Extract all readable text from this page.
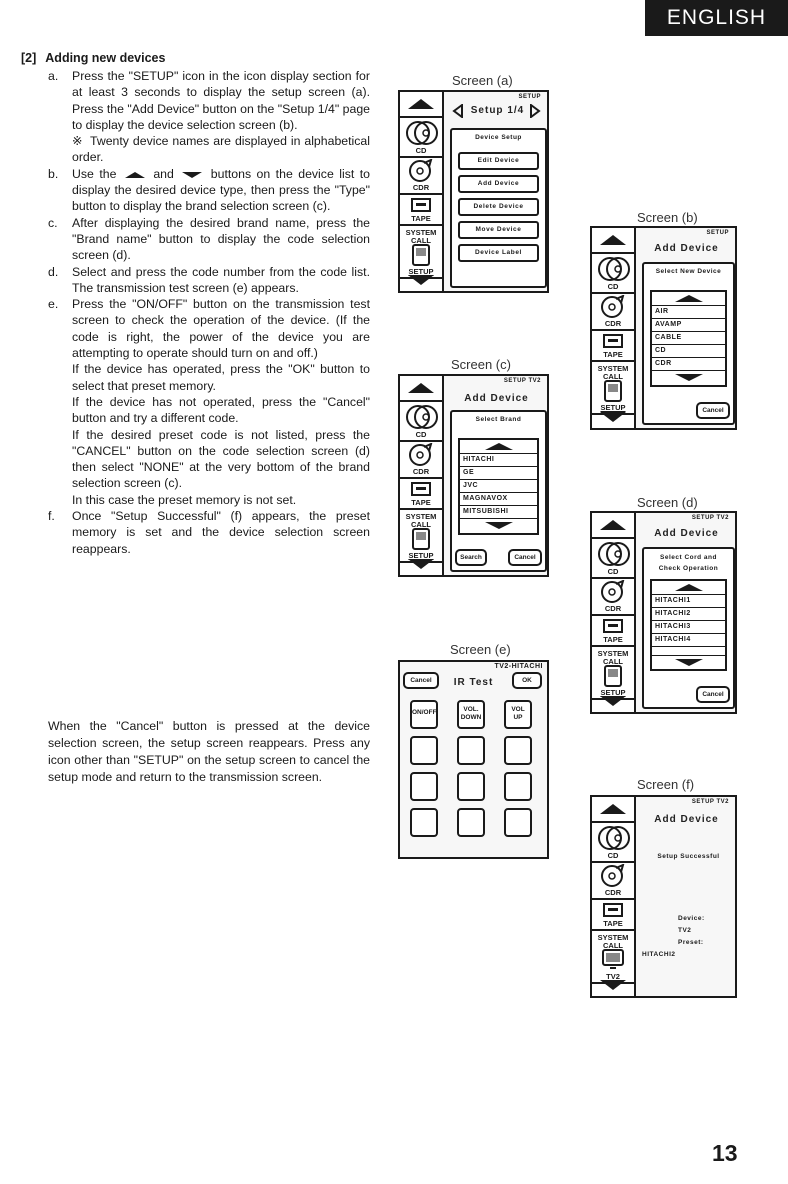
ENGLISH
[2] Adding new devices
a. Press the "SETUP" icon in the icon display section for at least 3 seconds to display the setup screen (a). Press the "Add Device" button on the "Setup 1/4" page to display the device selection screen (b).
※ Twenty device names are displayed in alphabetical order.
b. Use the	and	buttons on the device list to display the desired device type, then press the "Type" button to display the brand selection screen (c).
c. After displaying the desired brand name, press the "Brand name" button to display the code selection screen (d).
d. Select and press the code number from the code list. The transmission test screen (e) appears.
e. Press the "ON/OFF" button on the transmission test screen to check the operation of the device. (If the code is right, the power of the device you are attempting to operate should turn on and off.)
If the device has operated, press the "OK" button to select that preset memory.
If the device has not operated, press the "Cancel" button and try a different code.
If the desired preset code is not listed, press the "CANCEL" button on the code selection screen (d) then select "NONE" at the very bottom of the brand selection screen (c).
In this case the preset memory is not set.
f. Once "Setup Successful" (f) appears, the preset memory is set and the device selection screen reappears.
When the "Cancel" button is pressed at the device selection screen, the setup screen reappears. Press any icon other than "SETUP" on the setup screen to cancel the setup mode and return to the transmission screen.
Screen (a)
CD
CDR
TAPE
SYSTEM
CALL
SETUP
SETUP
Setup 1/4
Device Setup
Edit Device
Add Device
Delete Device
Move Device
Device Label
Screen (b)
CD
CDR
TAPE
SYSTEM
CALL
SETUP
SETUP
Add Device
Select New Device
AIR
AVAMP
CABLE
CD
CDR
Cancel
Screen (c)
CD
CDR
TAPE
SYSTEM
CALL
SETUP
SETUP TV2
Add Device
Select Brand
HITACHI
GE
JVC
MAGNAVOX
MITSUBISHI
Search	Cancel
Screen (d)
CD
CDR
TAPE
SYSTEM
CALL
SETUP
SETUP TV2
Add Device
Select Cord and
Check Operation
HITACHI1
HITACHI2
HITACHI3
HITACHI4
Cancel
Screen (e)
TV2-HITACHI
Cancel	IR Test	OK
ON/OFF	VOL. DOWN
VOL UP
Screen (f)
CD
CDR
TAPE
SYSTEM
CALL
TV2
SETUP TV2
Add Device
Setup Successful
Device:
TV2
Preset:
HITACHI2
13
